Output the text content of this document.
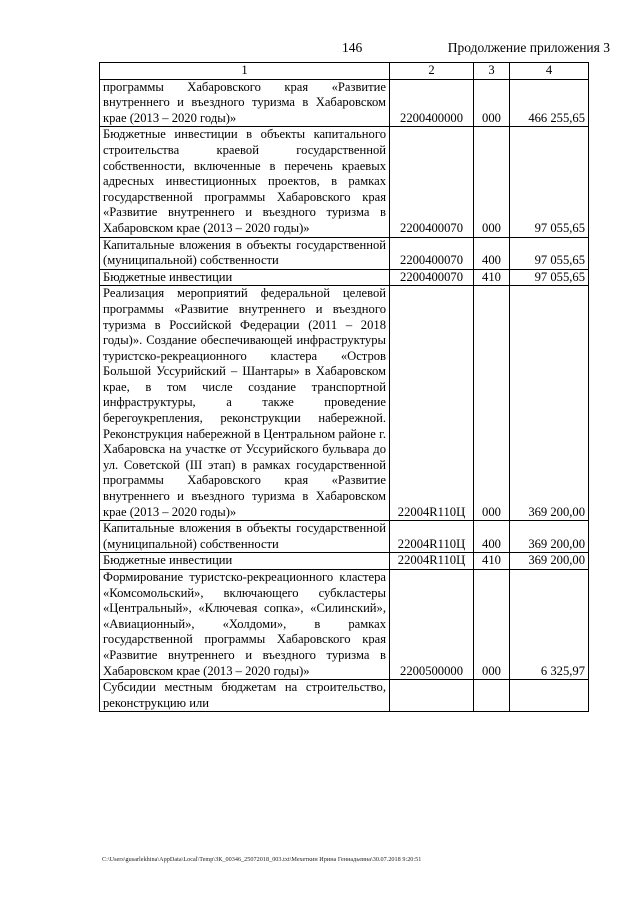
146	Продолжение приложения 3
1	2	3	4
программы Хабаровского края «Развитие внутреннего и въездного туризма в Хабаровском крае (2013 – 2020 годы)»	2200400000	000	466 255,65
Бюджетные инвестиции в объекты капитального строительства краевой государственной собственности, включенные в перечень краевых адресных инвестиционных проектов, в рамках государственной программы Хабаровского края «Развитие внутреннего и въездного туризма в Хабаровском крае (2013 – 2020 годы)»	2200400070	000	97 055,65
Капитальные вложения в объекты государственной (муниципальной) собственности	2200400070	400	97 055,65
Бюджетные инвестиции	2200400070	410	97 055,65
Реализация мероприятий федеральной целевой программы «Развитие внутреннего и въездного туризма в Российской Федерации (2011 – 2018 годы)». Создание обеспечивающей инфраструктуры туристско-рекреационного кластера «Остров Большой Уссурийский – Шантары» в Хабаровском крае, в том числе создание транспортной инфраструктуры, а также проведение берегоукрепления, реконструкции набережной. Реконструкция набережной в Центральном районе г. Хабаровска на участке от Уссурийского бульвара до ул. Советской (III этап) в рамках государственной программы Хабаровского края «Развитие внутреннего и въездного туризма в Хабаровском крае (2013 – 2020 годы)»	22004R110Ц	000	369 200,00
Капитальные вложения в объекты государственной (муниципальной) собственности	22004R110Ц	400	369 200,00
Бюджетные инвестиции	22004R110Ц	410	369 200,00
Формирование туристско-рекреационного кластера «Комсомольский», включающего субкластеры «Центральный», «Ключевая сопка», «Силинский», «Авиационный», «Холдоми», в рамках государственной программы Хабаровского края «Развитие внутреннего и въездного туризма в Хабаровском крае (2013 – 2020 годы)»	2200500000	000	6 325,97
Субсидии местным бюджетам на строительство, реконструкцию или			
C:\Users\gusarlekhina\AppData\Local\Temp\ЗК_00346_25072018_003.txt\Мехеткин Ирина Геннадьевна\30.07.2018 9:20:51
